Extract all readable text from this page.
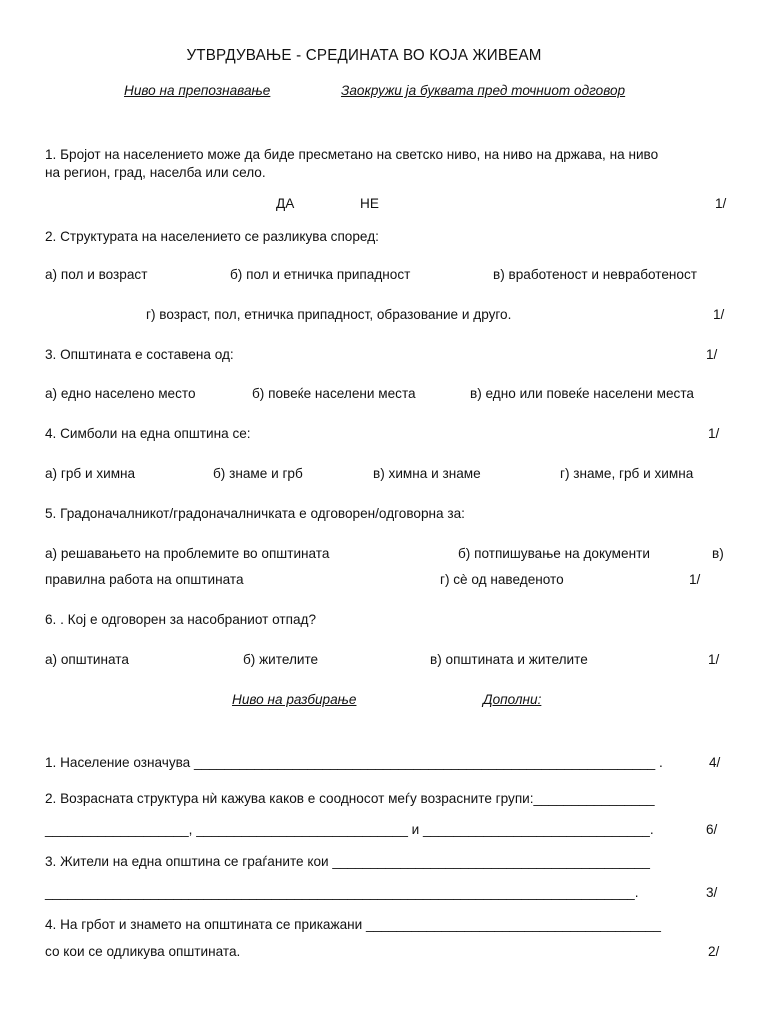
УТВРДУВАЊЕ - СРЕДИНАТА ВО КОЈА ЖИВЕАМ
Ниво на препознавање	Заокружи ја буквата пред точниот одговор
1. Бројот на населението може да биде пресметано на светско ниво, на ниво на држава, на ниво
на регион, град, населба или село.
ДА	НЕ	1/
2. Структурата на населението се разликува според:
а) пол и возраст	б) пол и етничка припадност	в) вработеност и невработеност
г) возраст, пол, етничка припадност, образование и друго.	1/
3. Општината е составена од:	1/
а) едно населено место	б) повеќе населени места	в) едно или повеќе населени места
4. Симболи на една општина се:	1/
а) грб и химна	б) знаме и грб	в) химна и знаме	г) знаме, грб и химна
5. Градоначалникот/градоначалничката е одговорен/одговорна за:
а) решавањето на проблемите во општината	б) потпишување на документи	в)
правилна работа на општината	г) сè од наведеното	1/
6. . Кој е одговорен за насобраниот отпад?
а) општината	б) жителите	в) општината и жителите	1/
Ниво на разбирање	Дополни:
1. Население означува _____________________________________________________________ .	4/
2. Возрасната структура нѝ кажува каков е соодносот меѓу возрасните групи:________________
___________________, ____________________________ и ______________________________.	6/
3. Жители на една општина се граѓаните кои __________________________________________
______________________________________________________________________________.	3/
4. На грбот и знамето на општината се прикажани _______________________________________
со кои се одликува општината.	2/
